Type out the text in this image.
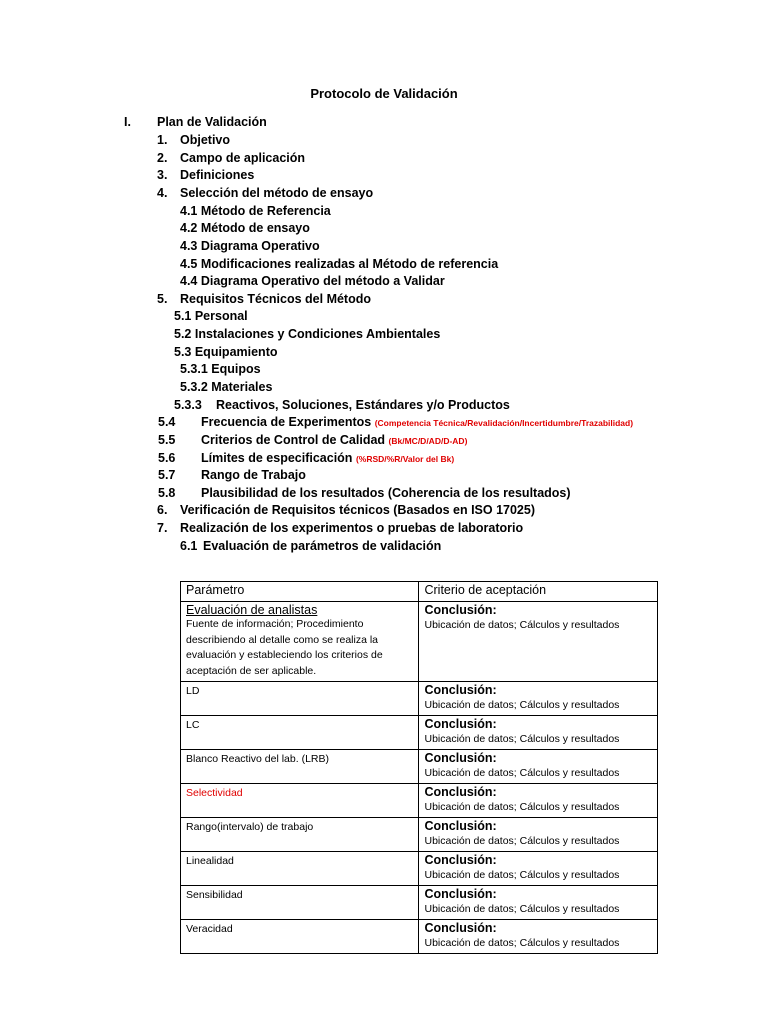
Protocolo de Validación
I. Plan de Validación
1. Objetivo
2. Campo de aplicación
3. Definiciones
4. Selección del método de ensayo
4.1 Método de Referencia
4.2 Método de ensayo
4.3 Diagrama Operativo
4.5 Modificaciones realizadas al Método de referencia
4.4 Diagrama Operativo del método a Validar
5. Requisitos Técnicos del Método
5.1 Personal
5.2 Instalaciones y Condiciones Ambientales
5.3 Equipamiento
5.3.1 Equipos
5.3.2 Materiales
5.3.3 Reactivos, Soluciones, Estándares y/o Productos
5.4 Frecuencia de Experimentos (Competencia Técnica/Revalidación/Incertidumbre/Trazabilidad)
5.5 Criterios de Control de Calidad (Bk/MC/D/AD/D-AD)
5.6 Límites de especificación (%RSD/%R/Valor del Bk)
5.7 Rango de Trabajo
5.8 Plausibilidad de los resultados (Coherencia de los resultados)
6. Verificación de Requisitos técnicos (Basados en ISO 17025)
7. Realización de los experimentos o pruebas de laboratorio
6.1 Evaluación de parámetros de validación
Parámetro	Criterio de aceptación

Evaluación de analistas
Fuente de información; Procedimiento describiendo al detalle como se realiza la evaluación y estableciendo los criterios de aceptación de ser aplicable.	Conclusión:
Ubicación de datos; Cálculos y resultados

LD	Conclusión:
Ubicación de datos; Cálculos y resultados

LC	Conclusión:
Ubicación de datos; Cálculos y resultados

Blanco Reactivo del lab. (LRB)	Conclusión:
Ubicación de datos; Cálculos y resultados

Selectividad	Conclusión:
Ubicación de datos; Cálculos y resultados

Rango(intervalo) de trabajo	Conclusión:
Ubicación de datos; Cálculos y resultados

Linealidad	Conclusión:
Ubicación de datos; Cálculos y resultados

Sensibilidad	Conclusión:
Ubicación de datos; Cálculos y resultados

Veracidad	Conclusión:
Ubicación de datos; Cálculos y resultados
